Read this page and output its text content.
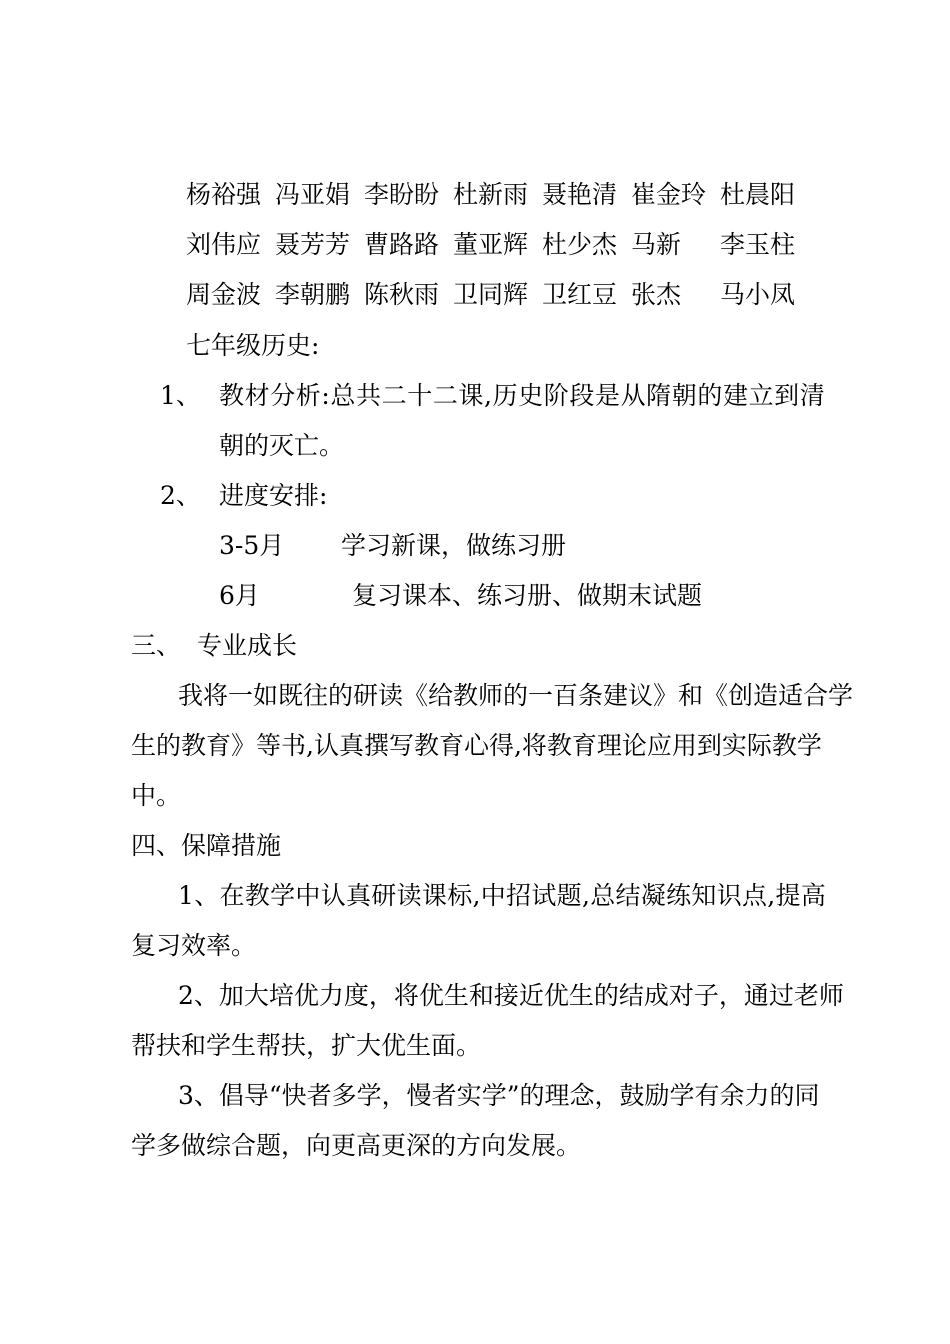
杨裕强 冯亚娟 李盼盼 杜新雨 聂艳清 崔金玲 杜晨阳
刘伟应 聂芳芳 曹路路 董亚辉 杜少杰 马新 李玉柱
周金波 李朝鹏 陈秋雨 卫同辉 卫红豆 张杰 马小凤
七年级历史:
1、 教材分析:总共二十二课,历史阶段是从隋朝的建立到清
朝的灭亡。
2、 进度安排:
3-5月 学习新课，做练习册
6月	复习课本、练习册、做期末试题
三、 专业成长
我将一如既往的研读《给教师的一百条建议》和《创造适合学
生的教育》等书,认真撰写教育心得,将教育理论应用到实际教学
中。
四、保障措施
1、在教学中认真研读课标,中招试题,总结凝练知识点,提高
复习效率。
2、加大培优力度，将优生和接近优生的结成对子，通过老师
帮扶和学生帮扶，扩大优生面。
3、倡导“快者多学，慢者实学”的理念，鼓励学有余力的同
学多做综合题，向更高更深的方向发展。
